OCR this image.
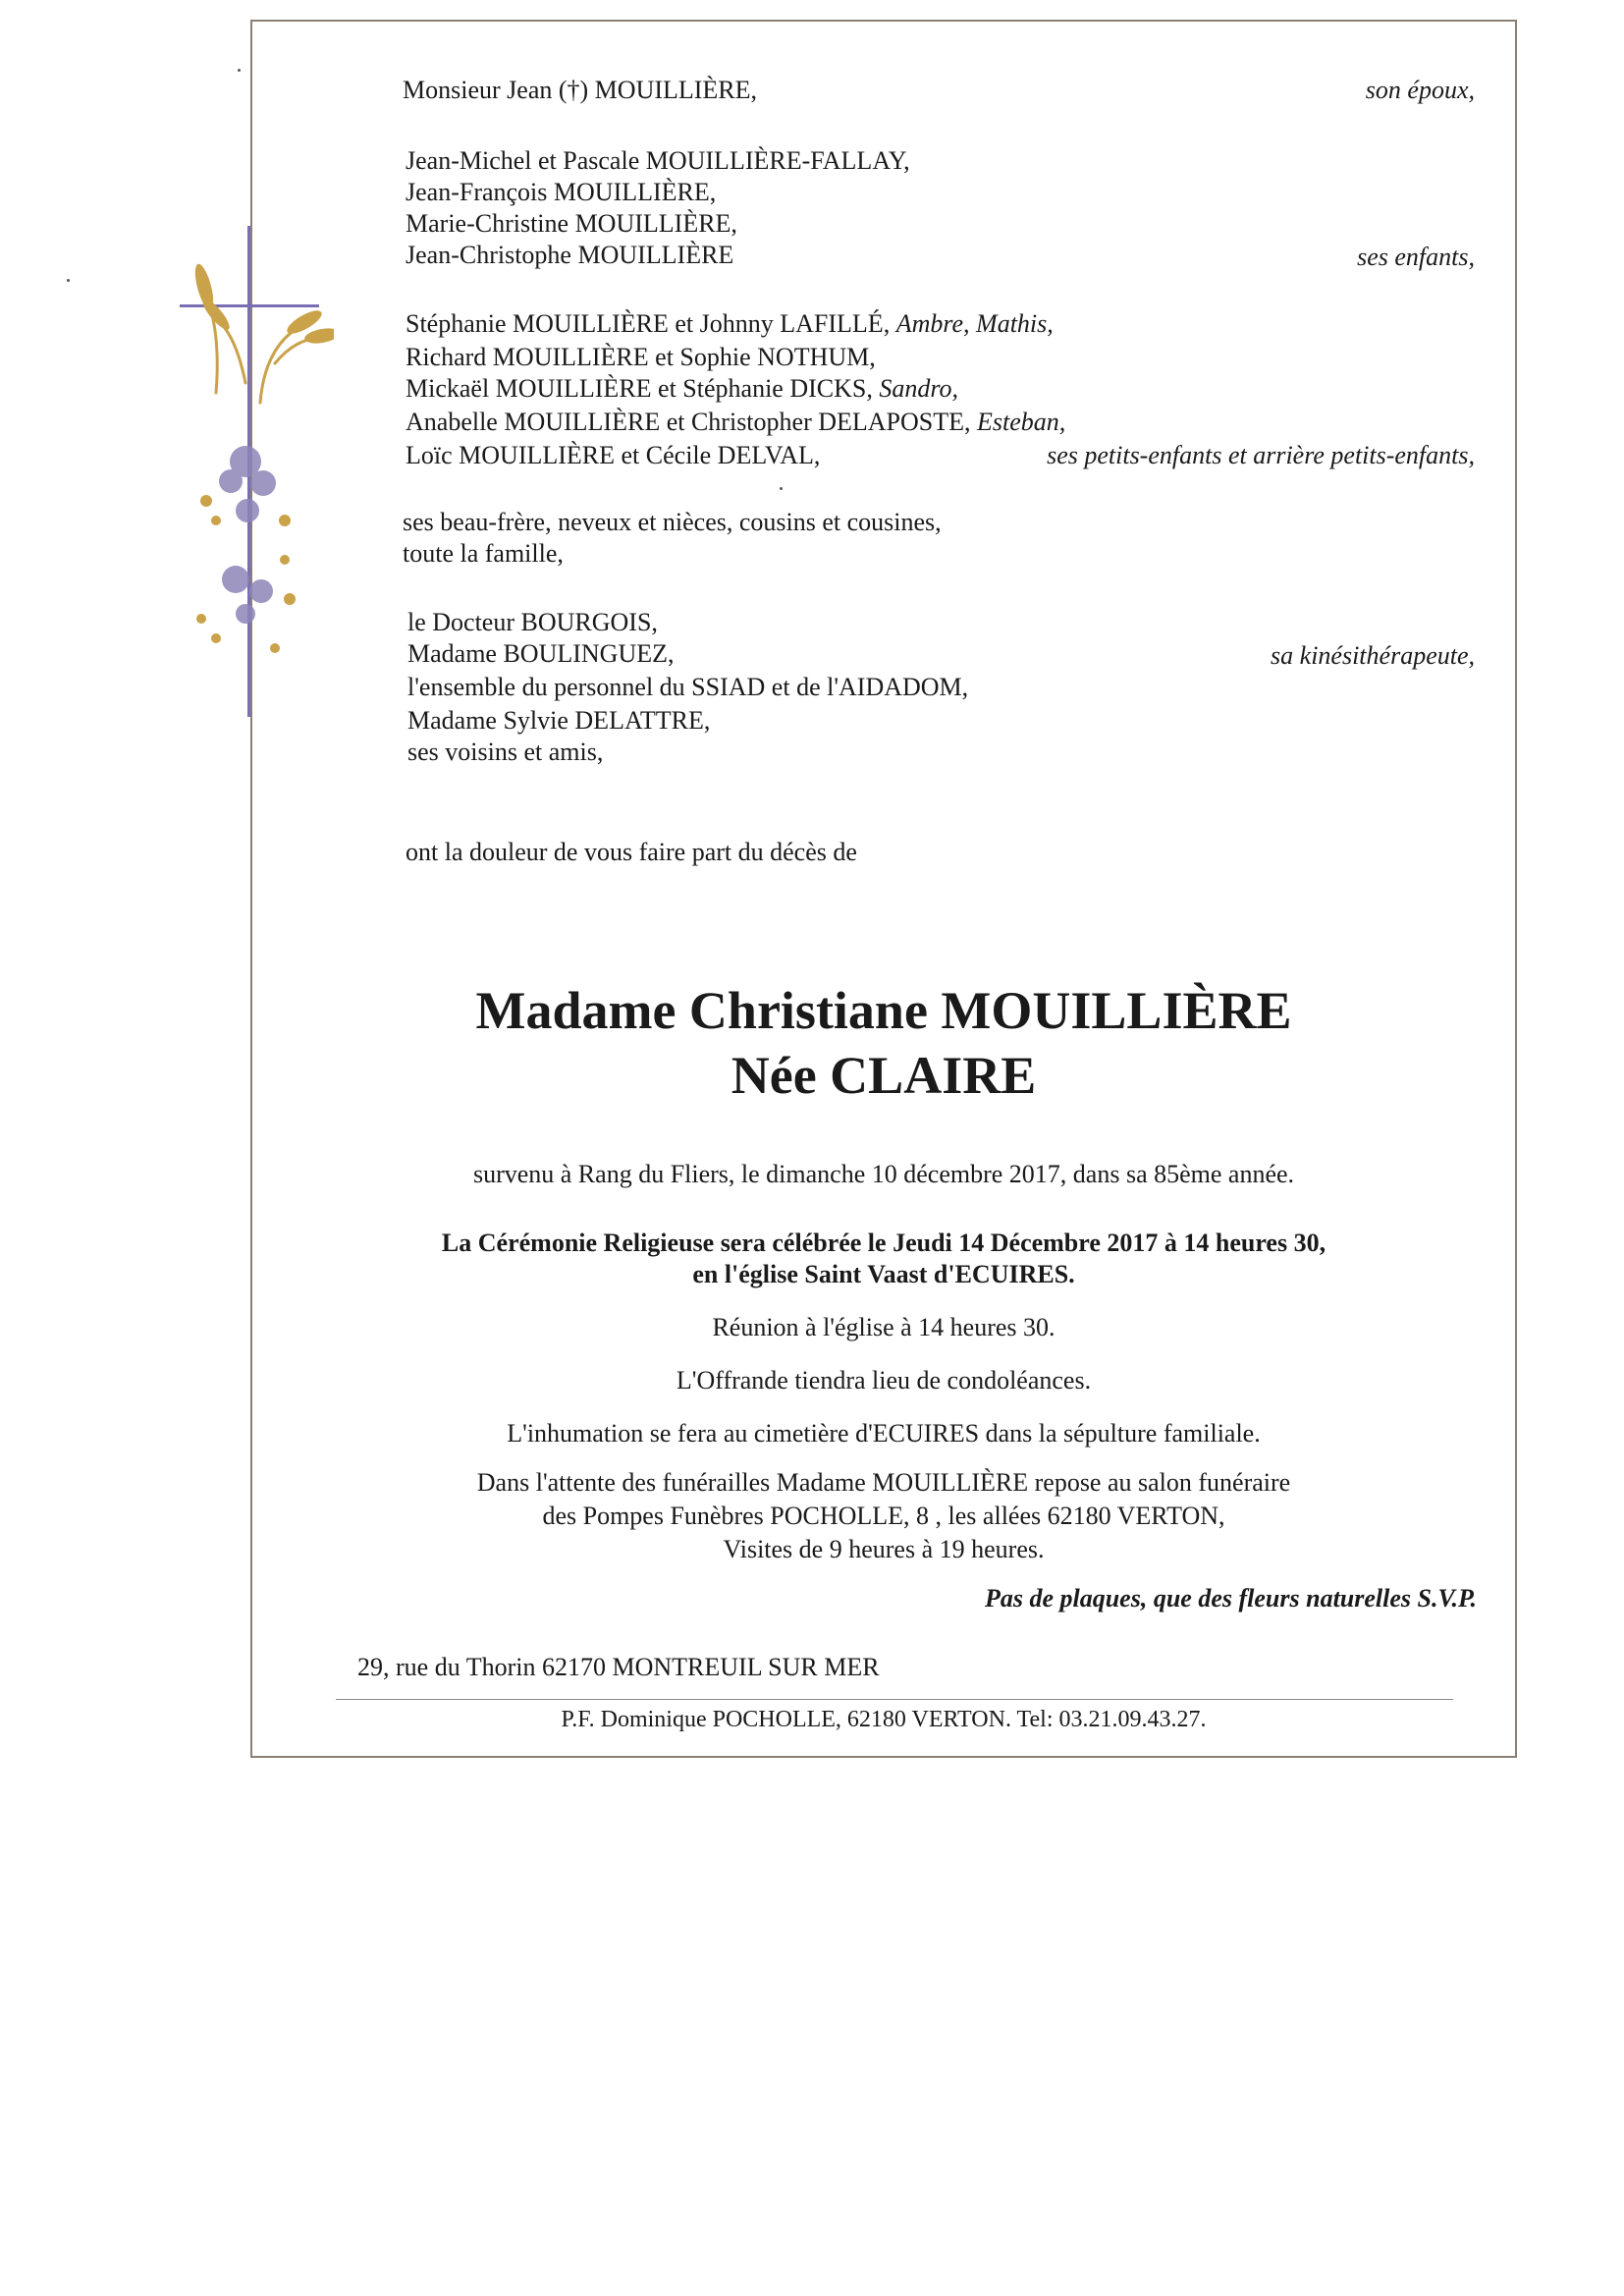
Monsieur Jean (†) MOUILLIÈRE,	son époux,
Jean-Michel et Pascale MOUILLIÈRE-FALLAY,
Jean-François MOUILLIÈRE,
Marie-Christine MOUILLIÈRE,
Jean-Christophe MOUILLIÈRE	ses enfants,
Stéphanie MOUILLIÈRE et Johnny LAFILLÉ, Ambre, Mathis,
Richard MOUILLIÈRE et Sophie NOTHUM,
Mickaël MOUILLIÈRE et Stéphanie DICKS, Sandro,
Anabelle MOUILLIÈRE et Christopher DELAPOSTE, Esteban,
Loïc MOUILLIÈRE et Cécile DELVAL,	ses petits-enfants et arrière petits-enfants,
ses beau-frère, neveux et nièces, cousins et cousines,
toute la famille,
le Docteur BOURGOIS,
Madame BOULINGUEZ,	sa kinésithérapeute,
l'ensemble du personnel du SSIAD et de l'AIDADOM,
Madame Sylvie DELATTRE,
ses voisins et amis,
ont la douleur de vous faire part du décès de
Madame Christiane MOUILLIÈRE
Née CLAIRE
survenu à Rang du Fliers, le dimanche 10 décembre 2017, dans sa 85ème année.
La Cérémonie Religieuse sera célébrée le Jeudi 14 Décembre 2017 à 14 heures 30,
en l'église Saint Vaast d'ECUIRES.
Réunion à l'église à 14 heures 30.
L'Offrande tiendra lieu de condoléances.
L'inhumation se fera au cimetière d'ECUIRES dans la sépulture familiale.
Dans l'attente des funérailles Madame MOUILLIÈRE repose au salon funéraire
des Pompes Funèbres POCHOLLE, 8 , les allées 62180 VERTON,
Visites de 9 heures à 19 heures.
Pas de plaques, que des fleurs naturelles S.V.P.
29, rue du Thorin 62170 MONTREUIL SUR MER
P.F. Dominique POCHOLLE, 62180 VERTON. Tel: 03.21.09.43.27.
